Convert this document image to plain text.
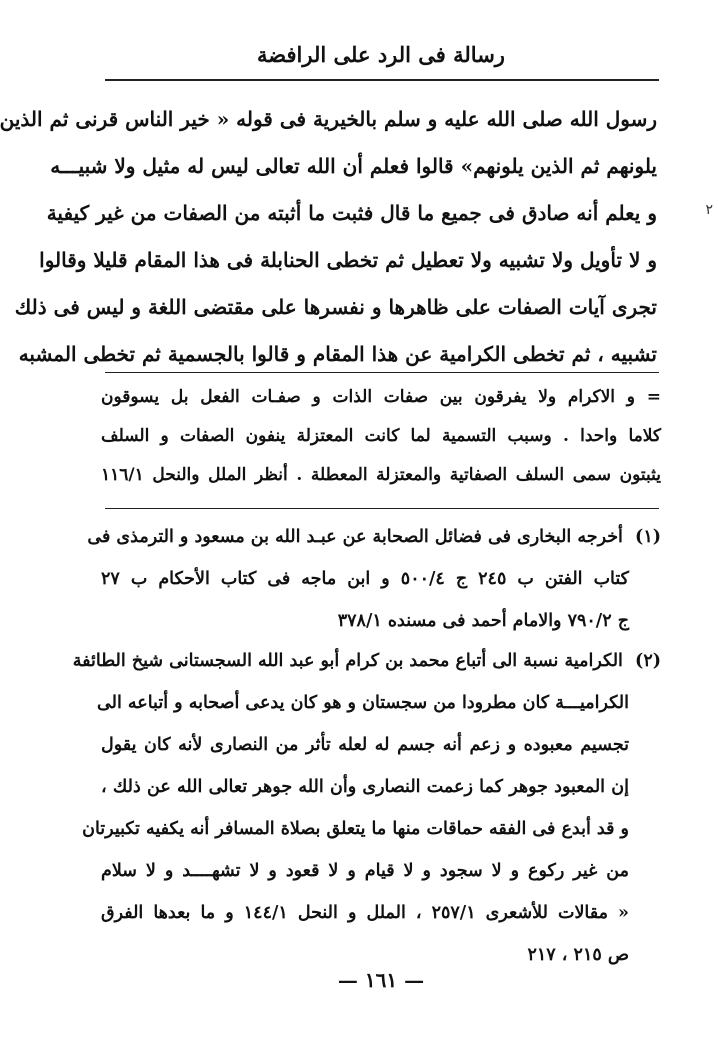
رسالة فى الرد على الرافضة
رسول الله صلى الله عليه و سلم بالخيرية فى قوله « خير الناس قرنى ثم الذين
يلونهم ثم الذين يلونهم» قالوا فعلم أن الله تعالى ليس له مثيل ولا شبيـــه
و يعلم أنه صادق فى جميع ما قال فثبت ما أثبته من الصفات من غير كيفية
و لا تأويل ولا تشبيه ولا تعطيل ثم تخطى الحنابلة فى هذا المقام قليلا وقالوا
تجرى آيات الصفات على ظاهرها و نفسرها على مقتضى اللغة و ليس فى ذلك
تشبيه ، ثم تخطى الكرامية عن هذا المقام و قالوا بالجسمية ثم تخطى المشبه
٢
=و الاكرام ولا يفرقون بين صفات الذات و صفـات الفعل بل يسوقون
كلاما واحدا . وسبب التسمية لما كانت المعتزلة ينفون الصفات و السلف
يثبتون سمى السلف الصفاتية والمعتزلة المعطلة . أنظر الملل والنحل ١١٦/١
(١) أخرجه البخارى فى فضائل الصحابة عن عبـد الله بن مسعود و الترمذى فى
كتاب الفتن ب ٢٤٥ ج ٥٠٠/٤ و ابن ماجه فى كتاب الأحكام ب ٢٧
ج ٧٩٠/٢ والامام أحمد فى مسنده ٣٧٨/١
(٢) الكرامية نسبة الى أتباع محمد بن كرام أبو عبد الله السجستانى شيخ الطائفة
الكراميـــة كان مطرودا من سجستان و هو كان يدعى أصحابه و أتباعه الى
تجسيم معبوده و زعم أنه جسم له لعله تأثر من النصارى لأنه كان يقول
إن المعبود جوهر كما زعمت النصارى وأن الله جوهر تعالى الله عن ذلك ،
و قد أبدع فى الفقه حماقات منها ما يتعلق بصلاة المسافر أنه يكفيه تكبيرتان
من غير ركوع و لا سجود و لا قيام و لا قعود و لا تشهــــد و لا سلام
« مقالات للأشعرى ٢٥٧/١ ، الملل و النحل ١٤٤/١ و ما بعدها الفرق
ص ٢١٥ ، ٢١٧
— ١٦١ —
